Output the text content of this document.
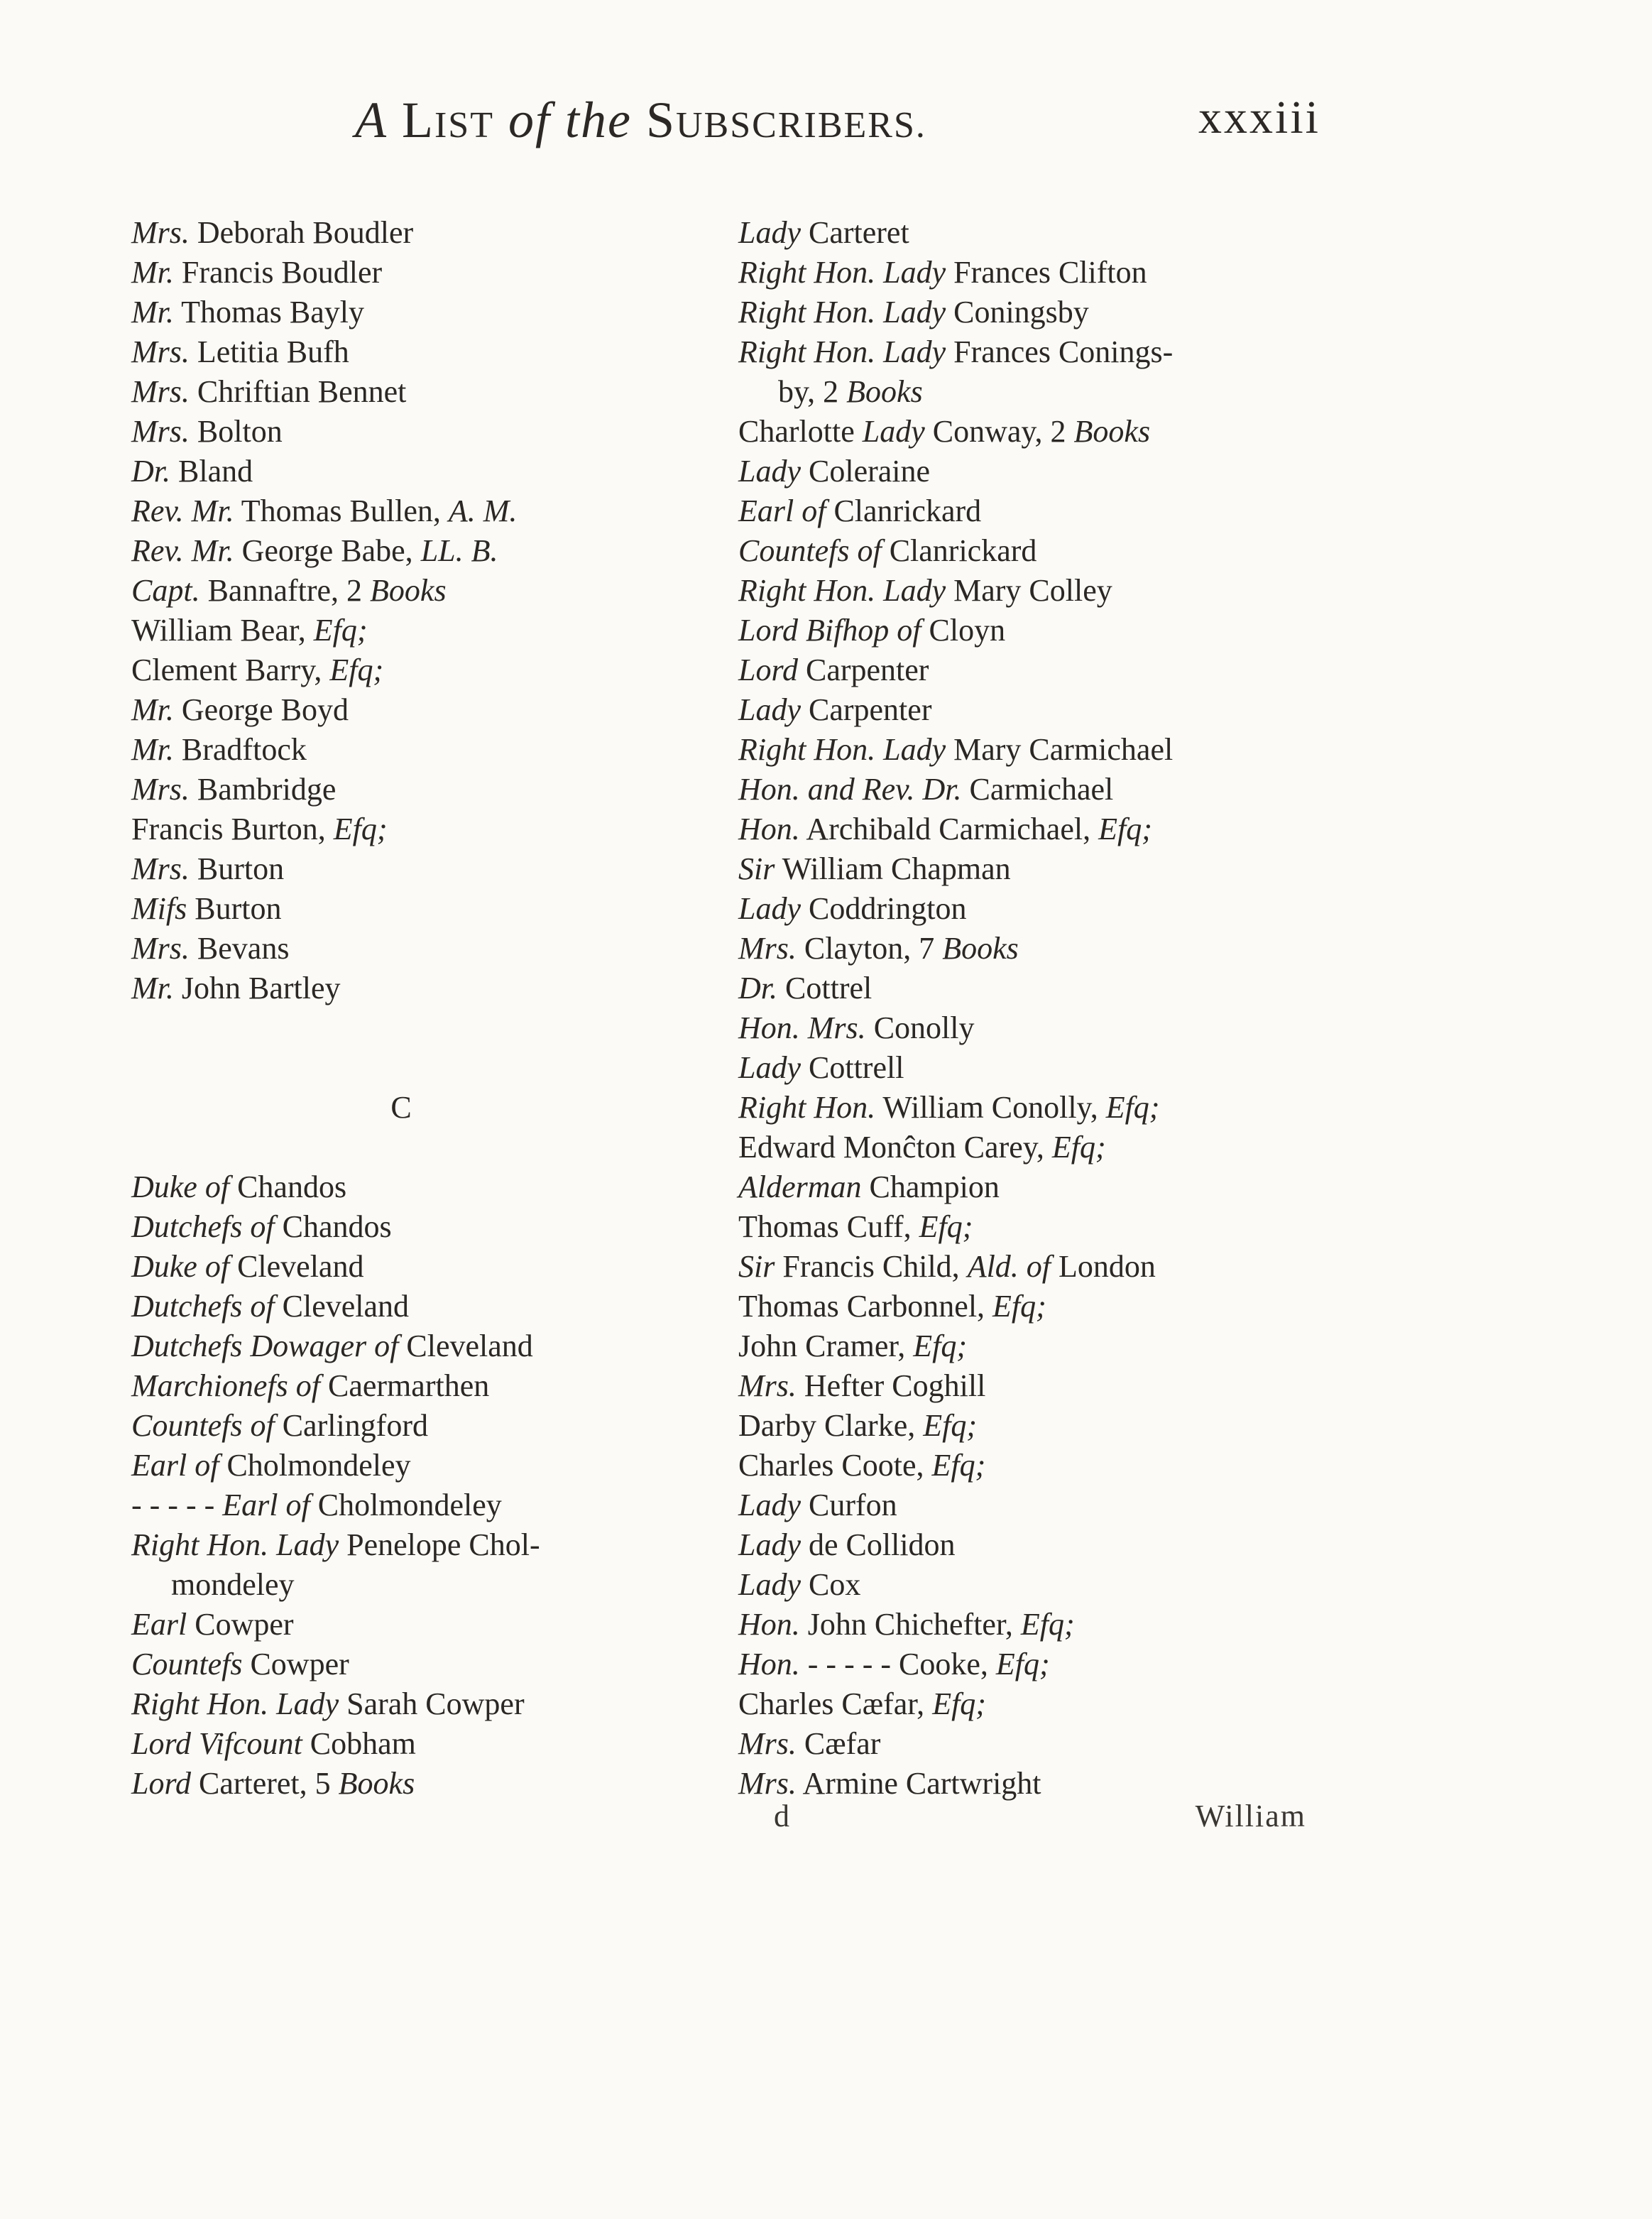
A LIST of the SUBSCRIBERS.	xxxiii
Mrs. Deborah Boudler
Mr. Francis Boudler
Mr. Thomas Bayly
Mrs. Letitia Bufh
Mrs. Chriftian Bennet
Mrs. Bolton
Dr. Bland
Rev. Mr. Thomas Bullen, A. M.
Rev. Mr. George Babe, LL. B.
Capt. Bannaftre, 2 Books
William Bear, Efq;
Clement Barry, Efq;
Mr. George Boyd
Mr. Bradftock
Mrs. Bambridge
Francis Burton, Efq;
Mrs. Burton
Mifs Burton
Mrs. Bevans
Mr. John Bartley
C
Duke of Chandos
Dutchefs of Chandos
Duke of Cleveland
Dutchefs of Cleveland
Dutchefs Dowager of Cleveland
Marchionefs of Caermarthen
Countefs of Carlingford
Earl of Cholmondeley
- - - - - Earl of Cholmondeley
Right Hon. Lady Penelope Chol-
mondeley
Earl Cowper
Countefs Cowper
Right Hon. Lady Sarah Cowper
Lord Vifcount Cobham
Lord Carteret, 5 Books
Lady Carteret
Right Hon. Lady Frances Clifton
Right Hon. Lady Coningsby
Right Hon. Lady Frances Conings-
by, 2 Books
Charlotte Lady Conway, 2 Books
Lady Coleraine
Earl of Clanrickard
Countefs of Clanrickard
Right Hon. Lady Mary Colley
Lord Bifhop of Cloyn
Lord Carpenter
Lady Carpenter
Right Hon. Lady Mary Carmichael
Hon. and Rev. Dr. Carmichael
Hon. Archibald Carmichael, Efq;
Sir William Chapman
Lady Coddrington
Mrs. Clayton, 7 Books
Dr. Cottrel
Hon. Mrs. Conolly
Lady Cottrell
Right Hon. William Conolly, Efq;
Edward Monĉton Carey, Efq;
Alderman Champion
Thomas Cuff, Efq;
Sir Francis Child, Ald. of London
Thomas Carbonnel, Efq;
John Cramer, Efq;
Mrs. Hefter Coghill
Darby Clarke, Efq;
Charles Coote, Efq;
Lady Curfon
Lady de Collidon
Lady Cox
Hon. John Chichefter, Efq;
Hon. - - - - - Cooke, Efq;
Charles Cæfar, Efq;
Mrs. Cæfar
Mrs. Armine Cartwright
d	William
